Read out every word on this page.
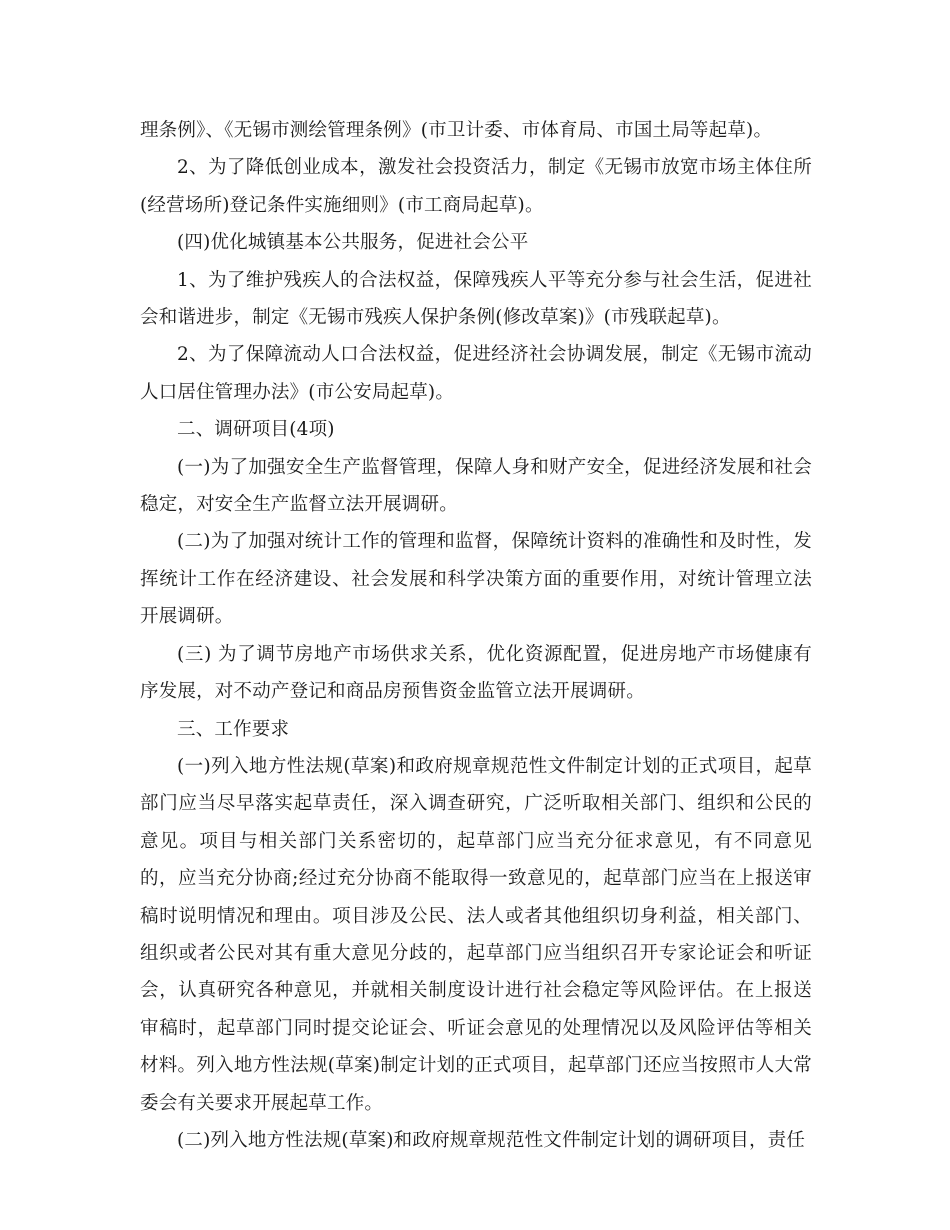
理条例》、《无锡市测绘管理条例》(市卫计委、市体育局、市国土局等起草)。

2、为了降低创业成本，激发社会投资活力，制定《无锡市放宽市场主体住所(经营场所)登记条件实施细则》(市工商局起草)。

(四)优化城镇基本公共服务，促进社会公平

1、为了维护残疾人的合法权益，保障残疾人平等充分参与社会生活，促进社会和谐进步，制定《无锡市残疾人保护条例(修改草案)》(市残联起草)。

2、为了保障流动人口合法权益，促进经济社会协调发展，制定《无锡市流动人口居住管理办法》(市公安局起草)。

二、调研项目(4项)

(一)为了加强安全生产监督管理，保障人身和财产安全，促进经济发展和社会稳定，对安全生产监督立法开展调研。

(二)为了加强对统计工作的管理和监督，保障统计资料的准确性和及时性，发挥统计工作在经济建设、社会发展和科学决策方面的重要作用，对统计管理立法开展调研。

(三) 为了调节房地产市场供求关系，优化资源配置，促进房地产市场健康有序发展，对不动产登记和商品房预售资金监管立法开展调研。

三、工作要求

(一)列入地方性法规(草案)和政府规章规范性文件制定计划的正式项目，起草部门应当尽早落实起草责任，深入调查研究，广泛听取相关部门、组织和公民的意见。项目与相关部门关系密切的，起草部门应当充分征求意见，有不同意见的，应当充分协商;经过充分协商不能取得一致意见的，起草部门应当在上报送审稿时说明情况和理由。项目涉及公民、法人或者其他组织切身利益，相关部门、组织或者公民对其有重大意见分歧的，起草部门应当组织召开专家论证会和听证会，认真研究各种意见，并就相关制度设计进行社会稳定等风险评估。在上报送审稿时，起草部门同时提交论证会、听证会意见的处理情况以及风险评估等相关材料。列入地方性法规(草案)制定计划的正式项目，起草部门还应当按照市人大常委会有关要求开展起草工作。

(二)列入地方性法规(草案)和政府规章规范性文件制定计划的调研项目，责任
